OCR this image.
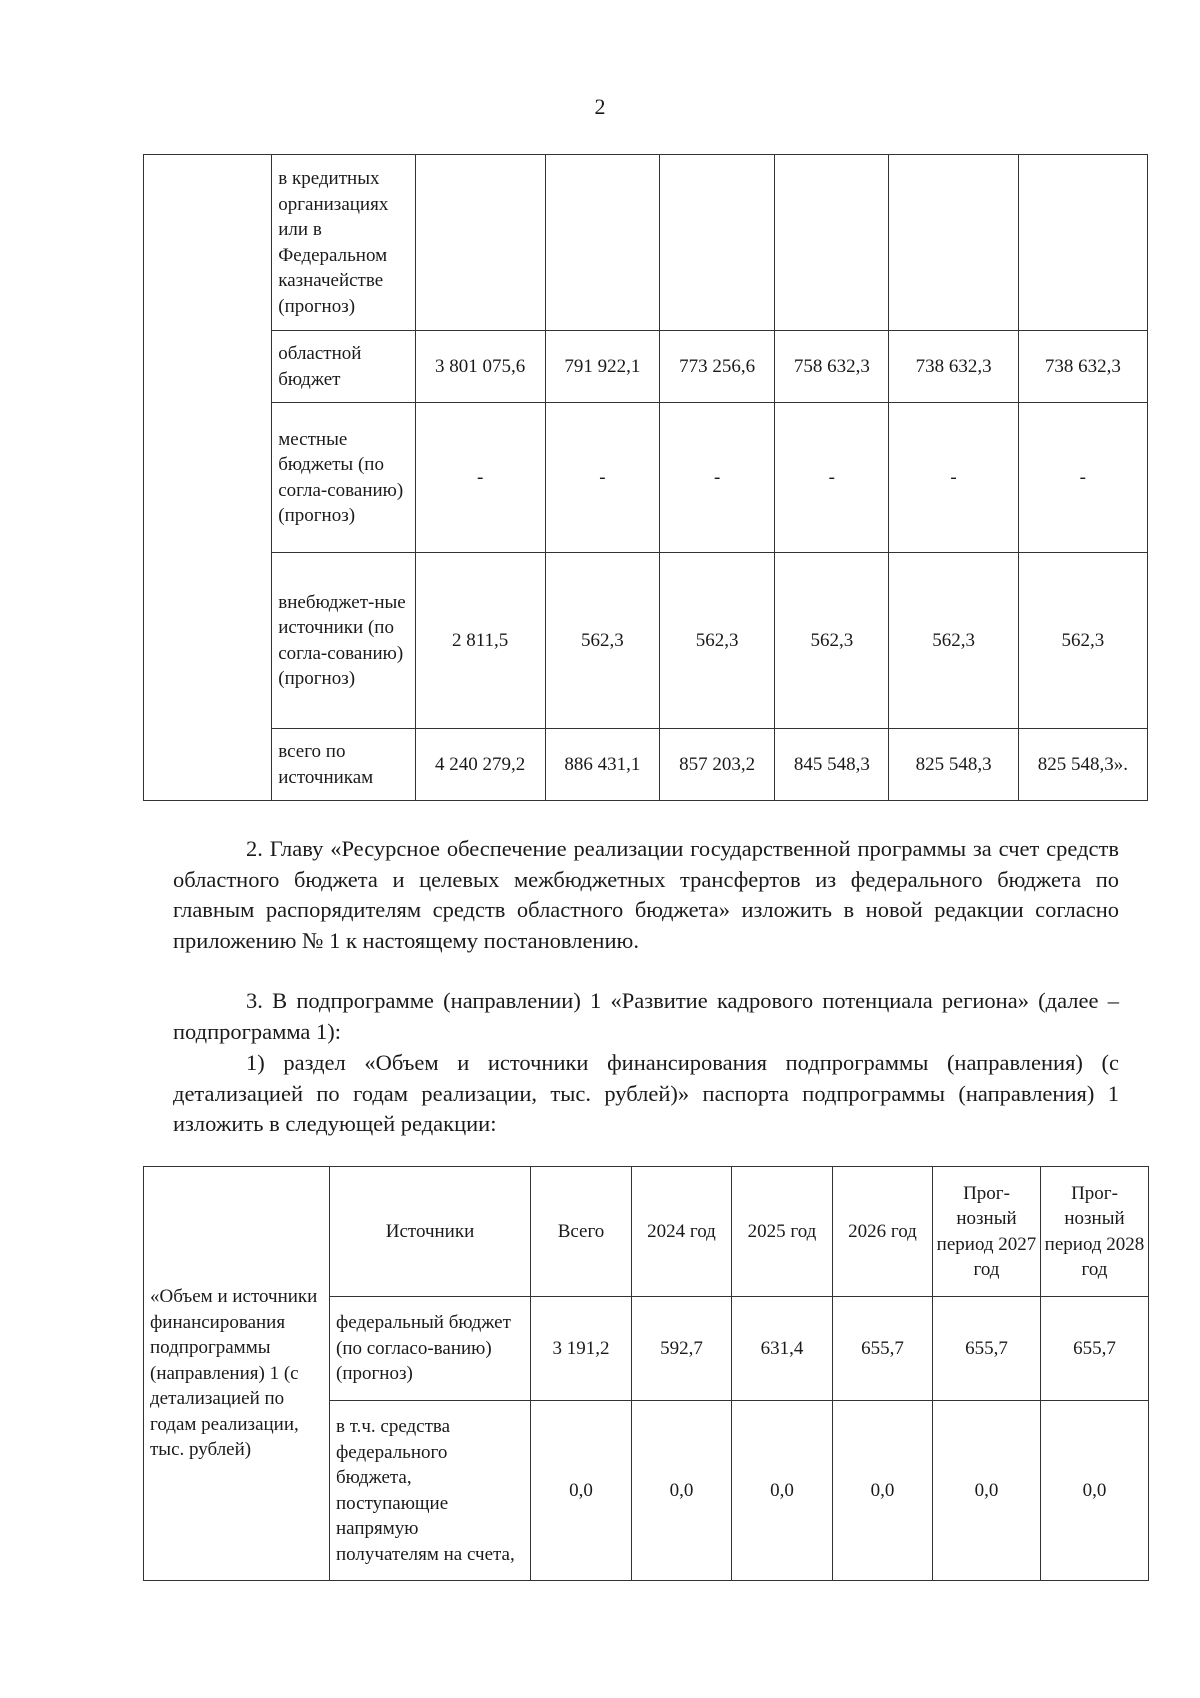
2
	в кредитных организациях или в Федеральном казначействе (прогноз)						
	областной бюджет	3 801 075,6	791 922,1	773 256,6	758 632,3	738 632,3	738 632,3
	местные бюджеты (по согла-сованию) (прогноз)	-	-	-	-	-	-
	внебюджет-ные источники (по согла-сованию) (прогноз)	2 811,5	562,3	562,3	562,3	562,3	562,3
	всего по источникам	4 240 279,2	886 431,1	857 203,2	845 548,3	825 548,3	825 548,3».
2. Главу «Ресурсное обеспечение реализации государственной программы за счет средств областного бюджета и целевых межбюджетных трансфертов из федерального бюджета по главным распорядителям средств областного бюджета» изложить в новой редакции согласно приложению № 1 к настоящему постановлению.
3. В подпрограмме (направлении) 1 «Развитие кадрового потенциала региона» (далее – подпрограмма 1):
1) раздел «Объем и источники финансирования подпрограммы (направления) (с детализацией по годам реализации, тыс. рублей)» паспорта подпрограммы (направления) 1 изложить в следующей редакции:
«Объем и источники финансирования подпрограммы (направления) 1 (с детализацией по годам реализации, тыс. рублей)	Источники	Всего	2024 год	2025 год	2026 год	Прог-нозный период 2027 год	Прог-нозный период 2028 год
	федеральный бюджет (по согласо-ванию) (прогноз)	3 191,2	592,7	631,4	655,7	655,7	655,7
	в т.ч. средства федерального бюджета, поступающие напрямую получателям на счета,	0,0	0,0	0,0	0,0	0,0	0,0
